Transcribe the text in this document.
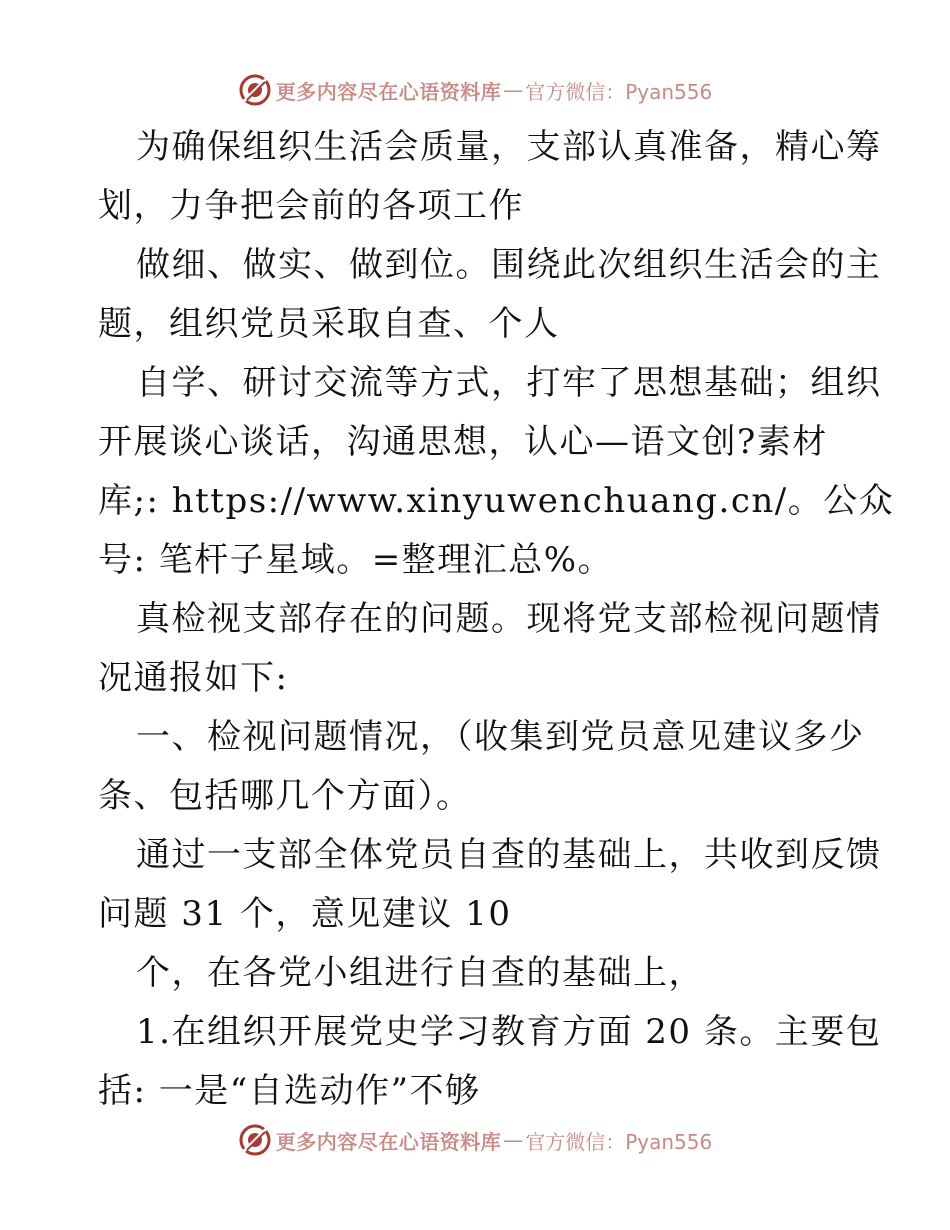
更多内容尽在心语资料库 — 官方微信：Pyan556
为确保组织生活会质量，支部认真准备，精心筹
划，力争把会前的各项工作
做细、做实、做到位。围绕此次组织生活会的主
题，组织党员采取自查、个人
自学、研讨交流等方式，打牢了思想基础；组织
开展谈心谈话，沟通思想，认心—语文创?素材
库;: https://www.xinyuwenchuang.cn/。公众
号: 笔杆子星域。=整理汇总%。
真检视支部存在的问题。现将党支部检视问题情
况通报如下:
一、检视问题情况，（收集到党员意见建议多少
条、包括哪几个方面）。
通过一支部全体党员自查的基础上，共收到反馈
问题 31 个，意见建议 10
个，在各党小组进行自查的基础上，
1.在组织开展党史学习教育方面 20 条。主要包
括: 一是“自选动作”不够
更多内容尽在心语资料库 — 官方微信：Pyan556
